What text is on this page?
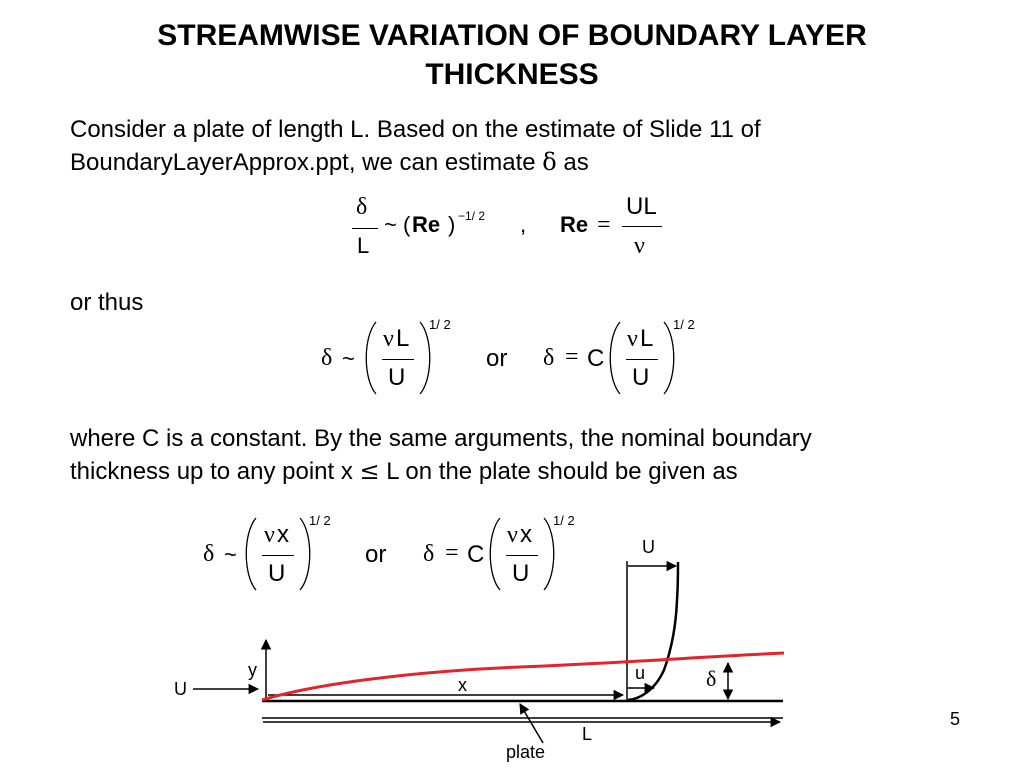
STREAMWISE VARIATION OF BOUNDARY LAYER
THICKNESS
Consider a plate of length L. Based on the estimate of Slide 11 of
BoundaryLayerApprox.ppt, we can estimate δ as
δ
L
~ ( Re ) −1/ 2 , Re =
UL
ν
or thus
δ ~
ν L
U
1/ 2
or δ = C
ν L
U
1/ 2
where C is a constant. By the same arguments, the nominal boundary
thickness up to any point x ≤ L on the plate should be given as
δ ~
ν x
U
1/ 2
or δ = C
ν x
U
1/ 2
U
U
y
x
u	δ
L
plate
5
